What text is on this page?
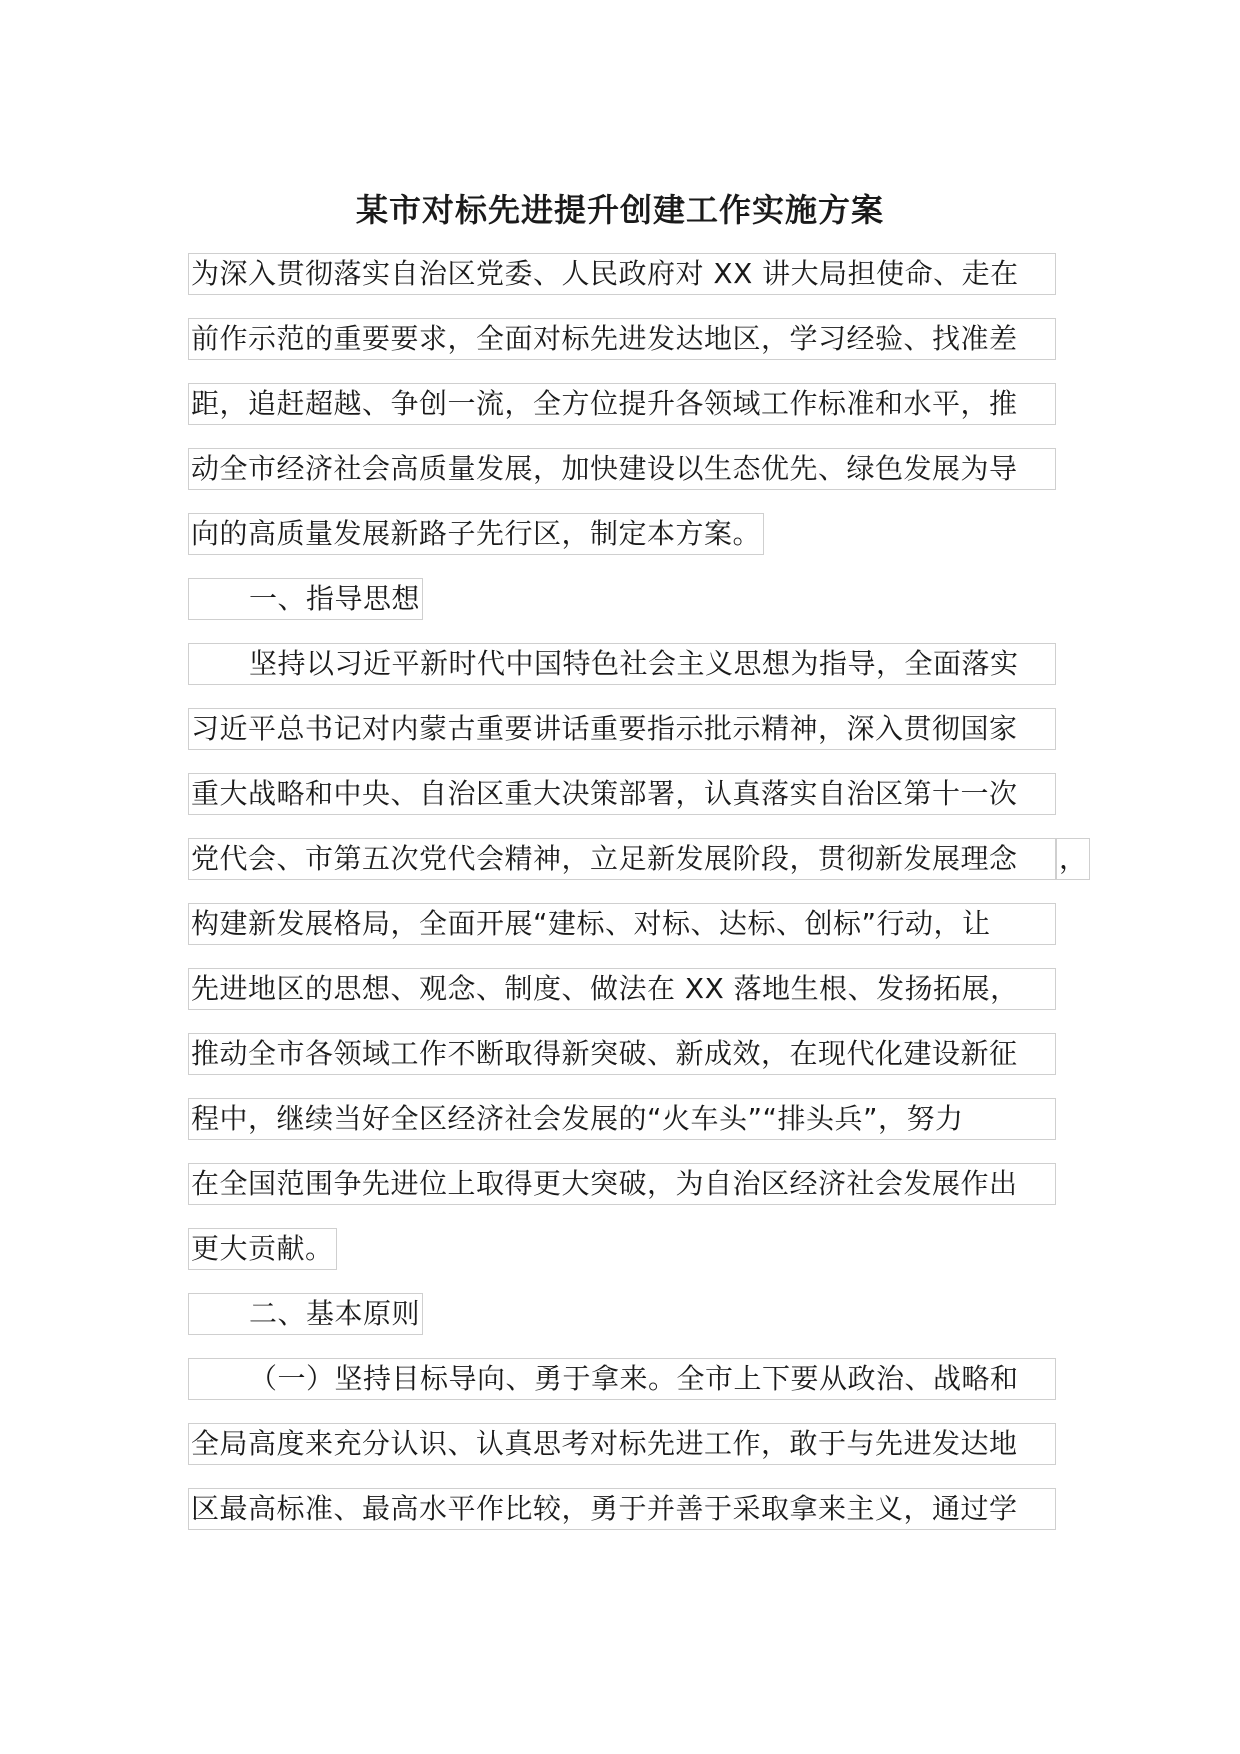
某市对标先进提升创建工作实施方案
为深入贯彻落实自治区党委、人民政府对 XX 讲大局担使命、走在
前作示范的重要要求，全面对标先进发达地区，学习经验、找准差
距，追赶超越、争创一流，全方位提升各领域工作标准和水平，推
动全市经济社会高质量发展，加快建设以生态优先、绿色发展为导
向的高质量发展新路子先行区，制定本方案。
一、指导思想
坚持以习近平新时代中国特色社会主义思想为指导，全面落实
习近平总书记对内蒙古重要讲话重要指示批示精神，深入贯彻国家
重大战略和中央、自治区重大决策部署，认真落实自治区第十一次
党代会、市第五次党代会精神，立足新发展阶段，贯彻新发展理念 ，
构建新发展格局，全面开展“建标、对标、达标、创标”行动，让
先进地区的思想、观念、制度、做法在 XX 落地生根、发扬拓展，
推动全市各领域工作不断取得新突破、新成效，在现代化建设新征
程中，继续当好全区经济社会发展的“火车头”“排头兵”，努力
在全国范围争先进位上取得更大突破，为自治区经济社会发展作出
更大贡献。
二、基本原则
（一）坚持目标导向、勇于拿来。全市上下要从政治、战略和
全局高度来充分认识、认真思考对标先进工作，敢于与先进发达地
区最高标准、最高水平作比较，勇于并善于采取拿来主义，通过学
